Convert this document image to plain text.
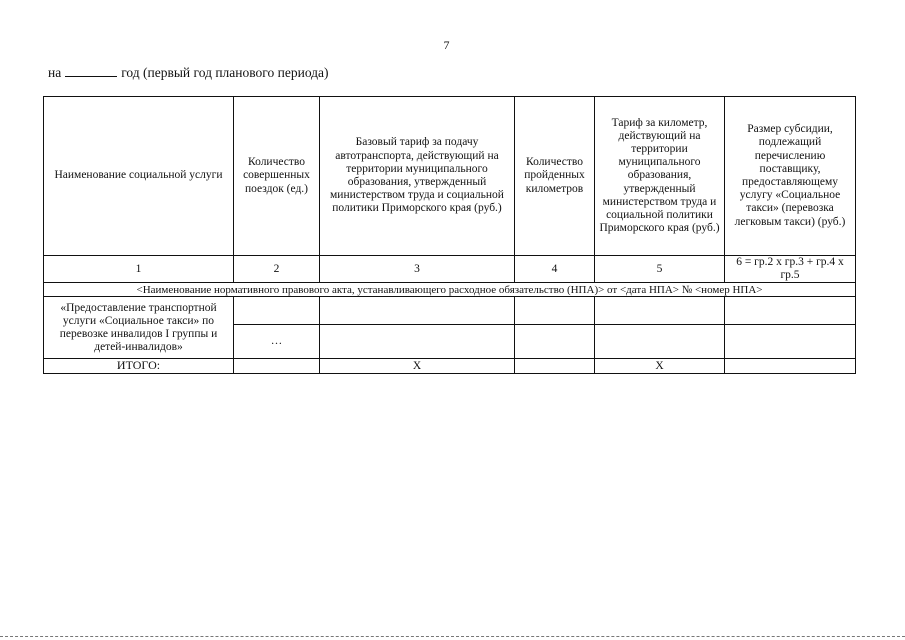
7
на	год (первый год планового периода)
Наименование социальной услуги	Количество совершенных поездок (ед.)	Базовый тариф за подачу автотранспорта, действующий на территории муниципального образования, утвержденный министерством труда и социальной политики Приморского края (руб.)	Количество пройденных километров	Тариф за километр, действующий на территории муниципального образования, утвержденный министерством труда и социальной политики Приморского края (руб.)	Размер субсидии, подлежащий перечислению поставщику, предоставляющему услугу «Социальное такси» (перевозка легковым такси) (руб.)
1	2	3	4	5	6 = гр.2 x гр.3 + гр.4 x гр.5
<Наименование нормативного правового акта, устанавливающего расходное обязательство (НПА)> от <дата НПА> № <номер НПА>					
«Предоставление транспортной услуги «Социальное такси» по перевозке инвалидов I группы и детей-инвалидов»					
	…				
ИТОГО:		X		X	
